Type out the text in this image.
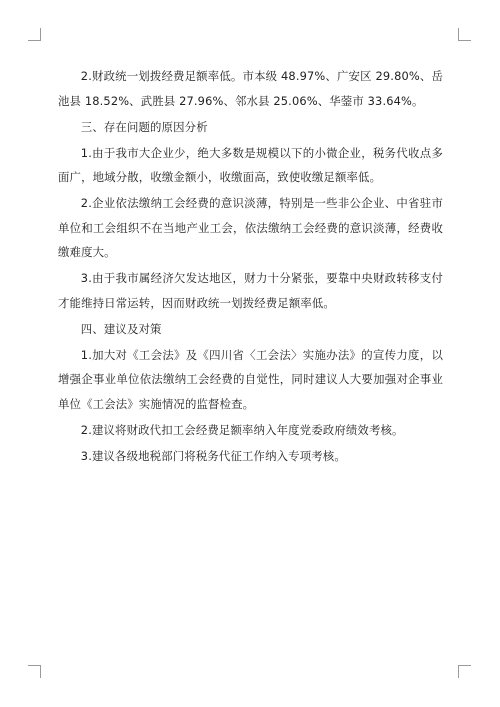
2.财政统一划拨经费足额率低。市本级 48.97%、广安区 29.80%、岳池县 18.52%、武胜县 27.96%、邻水县 25.06%、华蓥市 33.64%。

三、存在问题的原因分析

1.由于我市大企业少，绝大多数是规模以下的小微企业，税务代收点多面广，地域分散，收缴金额小，收缴面高，致使收缴足额率低。

2.企业依法缴纳工会经费的意识淡薄，特别是一些非公企业、中省驻市单位和工会组织不在当地产业工会，依法缴纳工会经费的意识淡薄，经费收缴难度大。

3.由于我市属经济欠发达地区，财力十分紧张，要靠中央财政转移支付才能维持日常运转，因而财政统一划拨经费足额率低。

四、建议及对策

1.加大对《工会法》及《四川省〈工会法〉实施办法》的宣传力度，以增强企事业单位依法缴纳工会经费的自觉性，同时建议人大要加强对企事业单位《工会法》实施情况的监督检查。

2.建议将财政代扣工会经费足额率纳入年度党委政府绩效考核。

3.建议各级地税部门将税务代征工作纳入专项考核。
